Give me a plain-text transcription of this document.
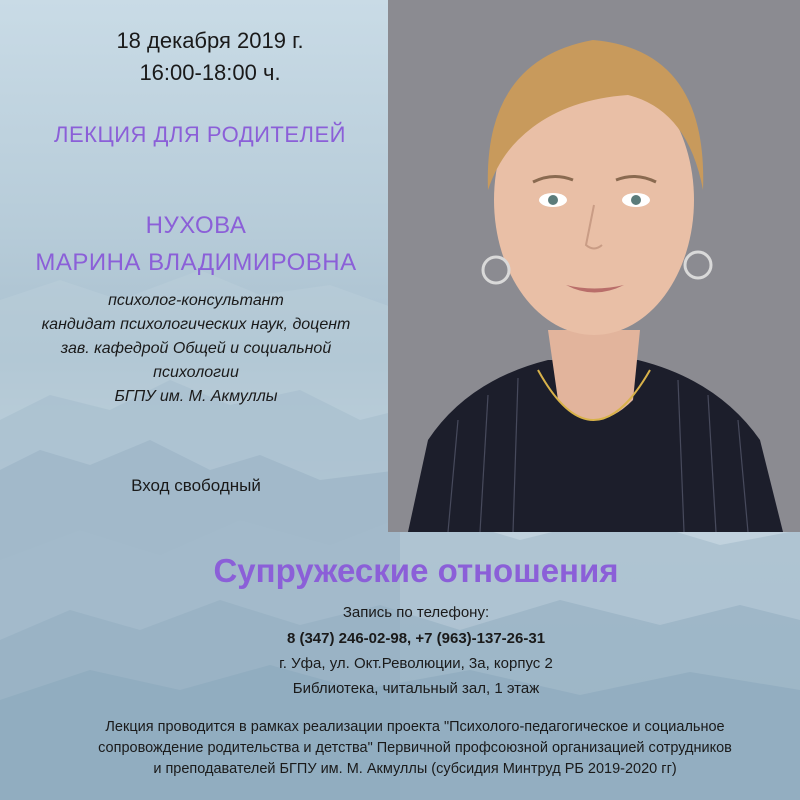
18 декабря 2019 г.
16:00-18:00 ч.
ЛЕКЦИЯ ДЛЯ РОДИТЕЛЕЙ
НУХОВА
МАРИНА ВЛАДИМИРОВНА
психолог-консультант
кандидат психологических наук, доцент
зав. кафедрой Общей и социальной
психологии
БГПУ им. М. Акмуллы
Вход свободный
Супружеские отношения
Запись по телефону:
8 (347) 246-02-98, +7 (963)-137-26-31
г. Уфа, ул. Окт.Революции, 3а, корпус 2
Библиотека, читальный зал, 1 этаж
Лекция проводится в рамках реализации проекта "Психолого-педагогическое и социальное
сопровождение родительства и детства" Первичной профсоюзной организацией сотрудников
и преподавателей БГПУ им. М. Акмуллы (субсидия Минтруд РБ 2019-2020 гг)
